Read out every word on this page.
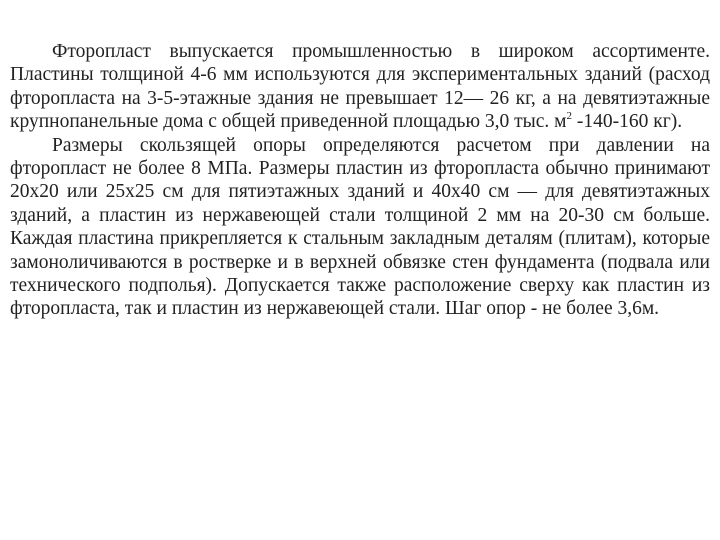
Фторопласт выпускается промышленностью в широком ассортименте. Пластины толщиной 4-6 мм используются для экспериментальных зданий (расход фторопласта на 3-5-этажные здания не превышает 12— 26 кг, а на девятиэтажные крупнопанельные дома с общей приведенной площадью 3,0 тыс. $м^2$ -140-160 кг).

Размеры скользящей опоры определяются расчетом при давлении на фторопласт не более 8 МПа. Размеры пластин из фторопласта обычно принимают 20х20 или 25х25 см для пятиэтажных зданий и 40х40 см — для девятиэтажных зданий, а пластин из нержавеющей стали толщиной 2 мм на 20-30 см больше. Каждая пластина прикрепляется к стальным закладным деталям (плитам), которые замоноличиваются в ростверке и в верхней обвязке стен фундамента (подвала или технического подполья). Допускается также расположение сверху как пластин из фторопласта, так и пластин из нержавеющей стали. Шаг опор - не более 3,6м.
